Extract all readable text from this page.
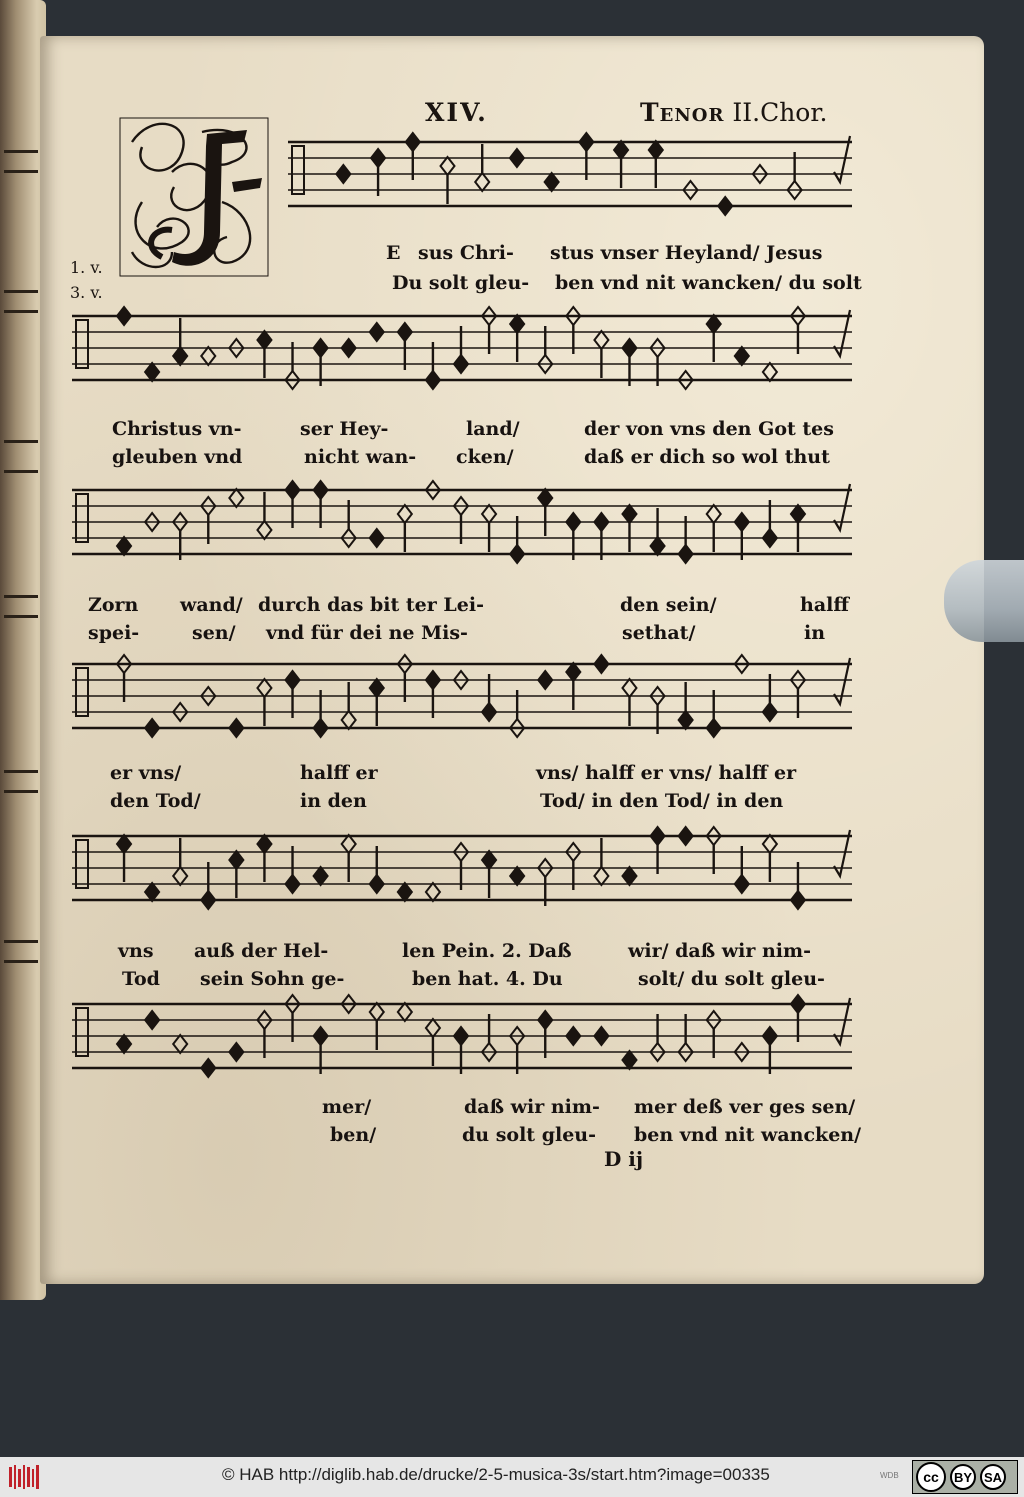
XIV.	Tenor II.Chor.
1. v.
3. v.
E sus Chri- stus vnser Heyland/ Jesus
Du solt gleu- ben vnd nit wancken/ du solt
Christus vn-	ser Hey-	land/	der von vns den Got tes
gleuben vnd	nicht wan- cken/	daß er dich so wol thut
Zorn wand/ durch das bit ter Lei-	den sein/	halff
spei-	sen/ vnd für dei ne Mis-	sethat/	in
er vns/	halff er	vns/ halff er vns/ halff er
den Tod/	in den	Tod/ in den Tod/ in den
vns auß der Hel-	len Pein. 2. Daß	wir/ daß wir nim-
Tod sein Sohn ge-	ben hat. 4. Du	solt/ du solt gleu-
mer/	daß wir nim- mer deß ver ges sen/
ben/	du solt gleu- ben vnd nit wancken/
D ij
© HAB http://diglib.hab.de/drucke/2-5-musica-3s/start.htm?image=00335	WDB	cc	BY SA
